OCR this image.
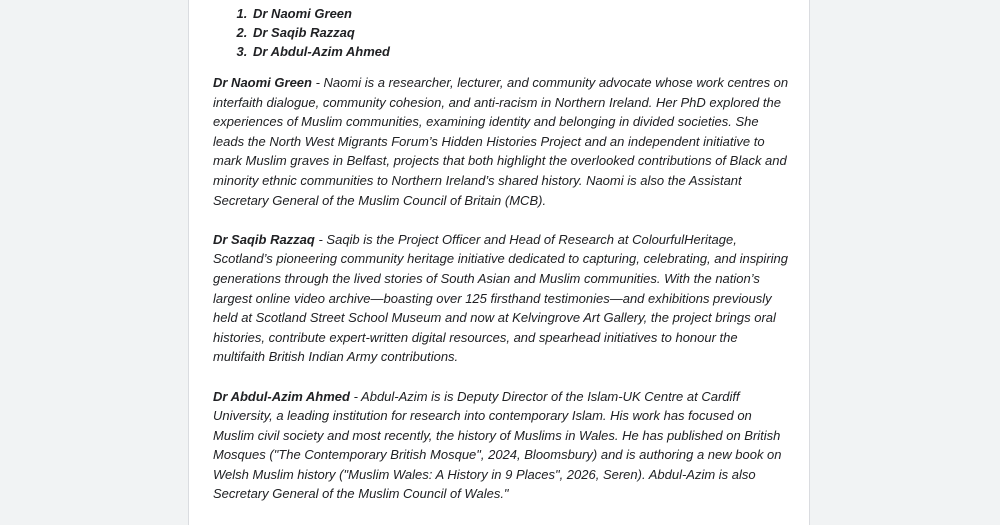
1. Dr Naomi Green
2. Dr Saqib Razzaq
3. Dr Abdul-Azim Ahmed

Dr Naomi Green - Naomi is a researcher, lecturer, and community advocate whose work centres on interfaith dialogue, community cohesion, and anti-racism in Northern Ireland. Her PhD explored the experiences of Muslim communities, examining identity and belonging in divided societies. She leads the North West Migrants Forum’s Hidden Histories Project and an independent initiative to mark Muslim graves in Belfast, projects that both highlight the overlooked contributions of Black and minority ethnic communities to Northern Ireland’s shared history. Naomi is also the Assistant Secretary General of the Muslim Council of Britain (MCB).

Dr Saqib Razzaq - Saqib is the Project Officer and Head of Research at ColourfulHeritage, Scotland’s pioneering community heritage initiative dedicated to capturing, celebrating, and inspiring generations through the lived stories of South Asian and Muslim communities. With the nation’s largest online video archive—boasting over 125 firsthand testimonies—and exhibitions previously held at Scotland Street School Museum and now at Kelvingrove Art Gallery, the project brings oral histories, contribute expert-written digital resources, and spearhead initiatives to honour the multifaith British Indian Army contributions.

Dr Abdul-Azim Ahmed - Abdul-Azim is is Deputy Director of the Islam-UK Centre at Cardiff University, a leading institution for research into contemporary Islam. His work has focused on Muslim civil society and most recently, the history of Muslims in Wales. He has published on British Mosques ("The Contemporary British Mosque", 2024, Bloomsbury) and is authoring a new book on Welsh Muslim history ("Muslim Wales: A History in 9 Places", 2026, Seren). Abdul-Azim is also Secretary General of the Muslim Council of Wales."
